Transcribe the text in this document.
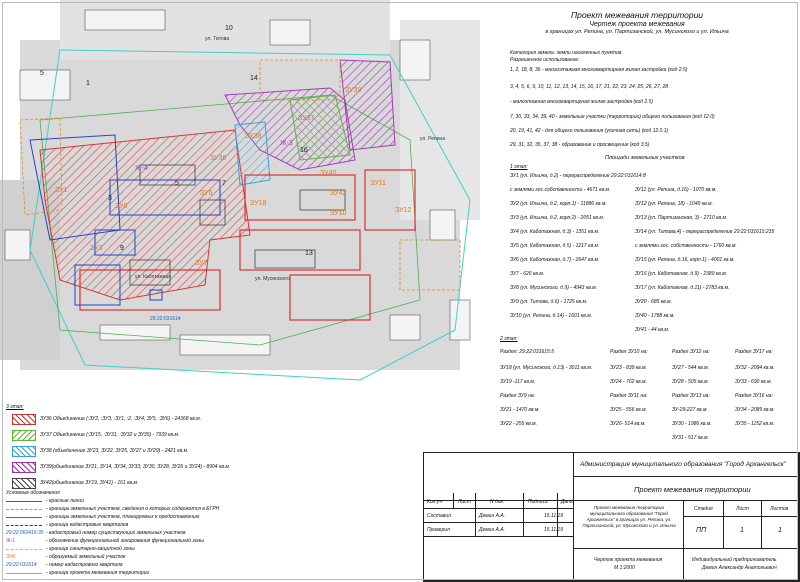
5	7
3
9
13
1
5
10
16
14
ЗУ36
ЗУ1
ЗУ8
ЗУ6
ЗУ3
ЗУ7
ЗУ38
ЗУ37
ЗУ39
ЗУ40
ЗУ18
ЗУ42
ЗУ10
ЗУ11
ЗУ12
Ж-4
Ж-3
ул. Каботажная	ул. Мусинского
ул. Титова
ул. Репина
29:22:031614

Проект межевания территории

Чертеж проекта межевания

в границах ул. Репина, ул. Партизанской, ул. Мусинского и ул. Ильича

Категория земель: земли населенных пунктов
Разрешенное использование:
1, 2, 18, 8, 36 - многоэтажная многоквартирная жилая застройка (код 2.5)
3, 4, 5, 6, 9, 10, 11, 12, 13, 14, 15, 16, 17, 21, 22, 23, 24, 25, 26, 27, 28
- малоэтажная многоквартирная жилая застройка (код 2.5)
7, 30, 33, 34, 39, 40 - земельные участки (территории) общего пользования (код 12.0)
20, 19, 41, 42 - для общего пользования (уличная сеть) (код 12.0.1)
29, 31, 32, 35, 37, 38 - образование и просвещение (код 3.5)
Площади земельных участков
1 этап:
ЗУ1 (ул. Ильича, д.2) - перераспределение 29:22:031614:8
с землями гос.собственности - 4671 кв.м.
ЗУ2 (ул. Ильича, д.2, корп.1) - 11886 кв.м.
ЗУ3 (ул. Ильича, д.2, корп.2) - 2051 кв.м.
ЗУ4 (ул. Каботажная, д.3) - 1351 кв.м.
ЗУ5 (ул. Каботажная, д.5) - 1217 кв.м.
ЗУ6 (ул. Каботажная, д.7) - 2647 кв.м.
ЗУ7 - 626 кв.м.
ЗУ8 (ул. Мусинского, д.9) - 4943 кв.м.
ЗУ9 (ул. Титова, д.6) - 1725 кв.м.
ЗУ10 (ул. Репина, д.14) - 1601 кв.м.
ЗУ11 (ул. Репина, д.16) - 1070 кв.м.
ЗУ12 (ул. Репина, 18) - 1049 кв.м.
ЗУ13 (ул. Партизанская, 3) - 2710 кв.м.
ЗУ14 (ул. Титова,4) - перераспределение 29:22:031615:235
с землями гос. собственности - 1760 кв.м.
ЗУ15 (ул. Репина, д.16, корп.1) - 4001 кв.м.
ЗУ16 (ул. Каботажная, д.9) - 2389 кв.м.
ЗУ17 (ул. Каботажная, д.11) - 2783 кв.м.
ЗУ20 - 685 кв.м.
ЗУ40 - 1788 кв.м.
ЗУ41 - 44 кв.м.
2 этап:
Раздел: 29:22:031615:5
ЗУ18 (ул. Мусинского, д.13) - 3011 кв.м.
ЗУ19 -117 кв.м.
Раздел ЗУ9 на:
ЗУ21 - 1470 кв.м.
ЗУ22 - 255 кв.м.
Раздел ЗУ10 на:
ЗУ23 - 839 кв.м.
ЗУ24 - 762 кв.м.
Раздел ЗУ11 на:
ЗУ25 - 556 кв.м.
ЗУ26- 514 кв.м.
Раздел ЗУ12 на:
ЗУ27 - 544 кв.м.
ЗУ28 - 505 кв.м.
Раздел ЗУ13 на:
ЗУ-29-227 кв.м.
ЗУ30 - 1986 кв.м.
ЗУ31 - 517 кв.м.
Раздел ЗУ17 на:
ЗУ32 - 2094 кв.м.
ЗУ33 - 690 кв.м.
Раздел ЗУ16 на:
ЗУ34 - 2089 кв.м.
ЗУ35 - 1152 кв.м.
3 этап:
ЗУ36 Объединение (:ЗУ2, :ЗУ3, :ЗУ1, :2, :ЗУ4, ЗУ5, :ЗУ6) - 24368 кв.м.
ЗУ37 Объединение (:ЗУ15, :ЗУ31, :ЗУ32 и ЗУ35) - 7939 кв.м.
ЗУ38 (объединение ЗУ23, ЗУ22, ЗУ25, ЗУ27 и ЗУ29) - 2421 кв.м.
ЗУ39(объединение ЗУ21, ЗУ14, ЗУ34, ЗУ33, ЗУ30, ЗУ28, ЗУ26 и ЗУ24) - 8904 кв.м.
ЗУ42(объединение ЗУ19, ЗУ41) - 161 кв.м.
Условные обозначения
- красные линии
- границы земельных участков, сведения о которых содержатся в ЕГРН
- границы земельных участков, планируемых к предоставлению
- граница кадастровых кварталов
29:22:060416:35 - кадастровый номер существующих земельных участков
Ж-1	- обозначение функциональной зонирования функциональной зоны
- граница санитарно-защитной зоны
ЗУ4	- образуемый земельный участок
29:22:031614 - номер кадастрового квартала
- граница проекта межевания территории
Администрация муниципального образования "Город Архангельск"
Проект межевания территории
Кол.уч	Лист	N док.	Подпись	Дата
Составил	Демин А.А.	15.11.19
Проверил	Демин А.А.	15.11.19
Проект межевания территории муниципального образования "Город Архангельск" в границах ул. Репина, ул. Партизанской, ул. Мусинского и ул. Ильича
Стадия	Лист	Листов
ПП	1	1
Чертеж проекта межевания
М 1:2000
Индивидуальный предприниматель
Демин Александр Анатольевич
